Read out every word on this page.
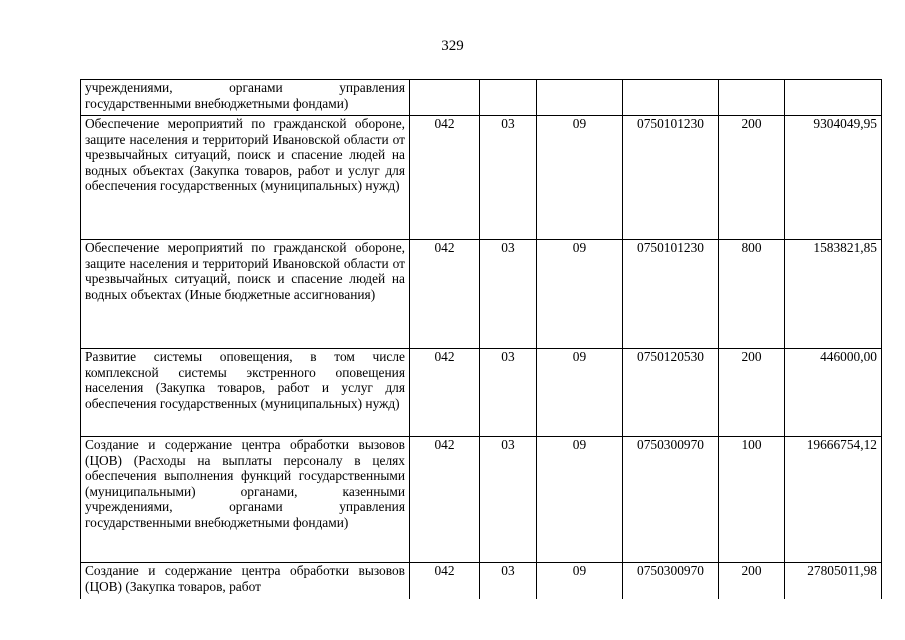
329
учреждениями, органами управления государственными внебюджетными фондами)						
Обеспечение мероприятий по гражданской обороне, защите населения и территорий Ивановской области от чрезвычайных ситуаций, поиск и спасение людей на водных объектах (Закупка товаров, работ и услуг для обеспечения государственных (муниципальных) нужд)	042	03	09	0750101230	200	9304049,95
Обеспечение мероприятий по гражданской обороне, защите населения и территорий Ивановской области от чрезвычайных ситуаций, поиск и спасение людей на водных объектах (Иные бюджетные ассигнования)	042	03	09	0750101230	800	1583821,85
Развитие системы оповещения, в том числе комплексной системы экстренного оповещения населения (Закупка товаров, работ и услуг для обеспечения государственных (муниципальных) нужд)	042	03	09	0750120530	200	446000,00
Создание и содержание центра обработки вызовов (ЦОВ) (Расходы на выплаты персоналу в целях обеспечения выполнения функций государственными (муниципальными) органами, казенными учреждениями, органами управления государственными внебюджетными фондами)	042	03	09	0750300970	100	19666754,12
Создание и содержание центра обработки вызовов (ЦОВ) (Закупка товаров, работ	042	03	09	0750300970	200	27805011,98
